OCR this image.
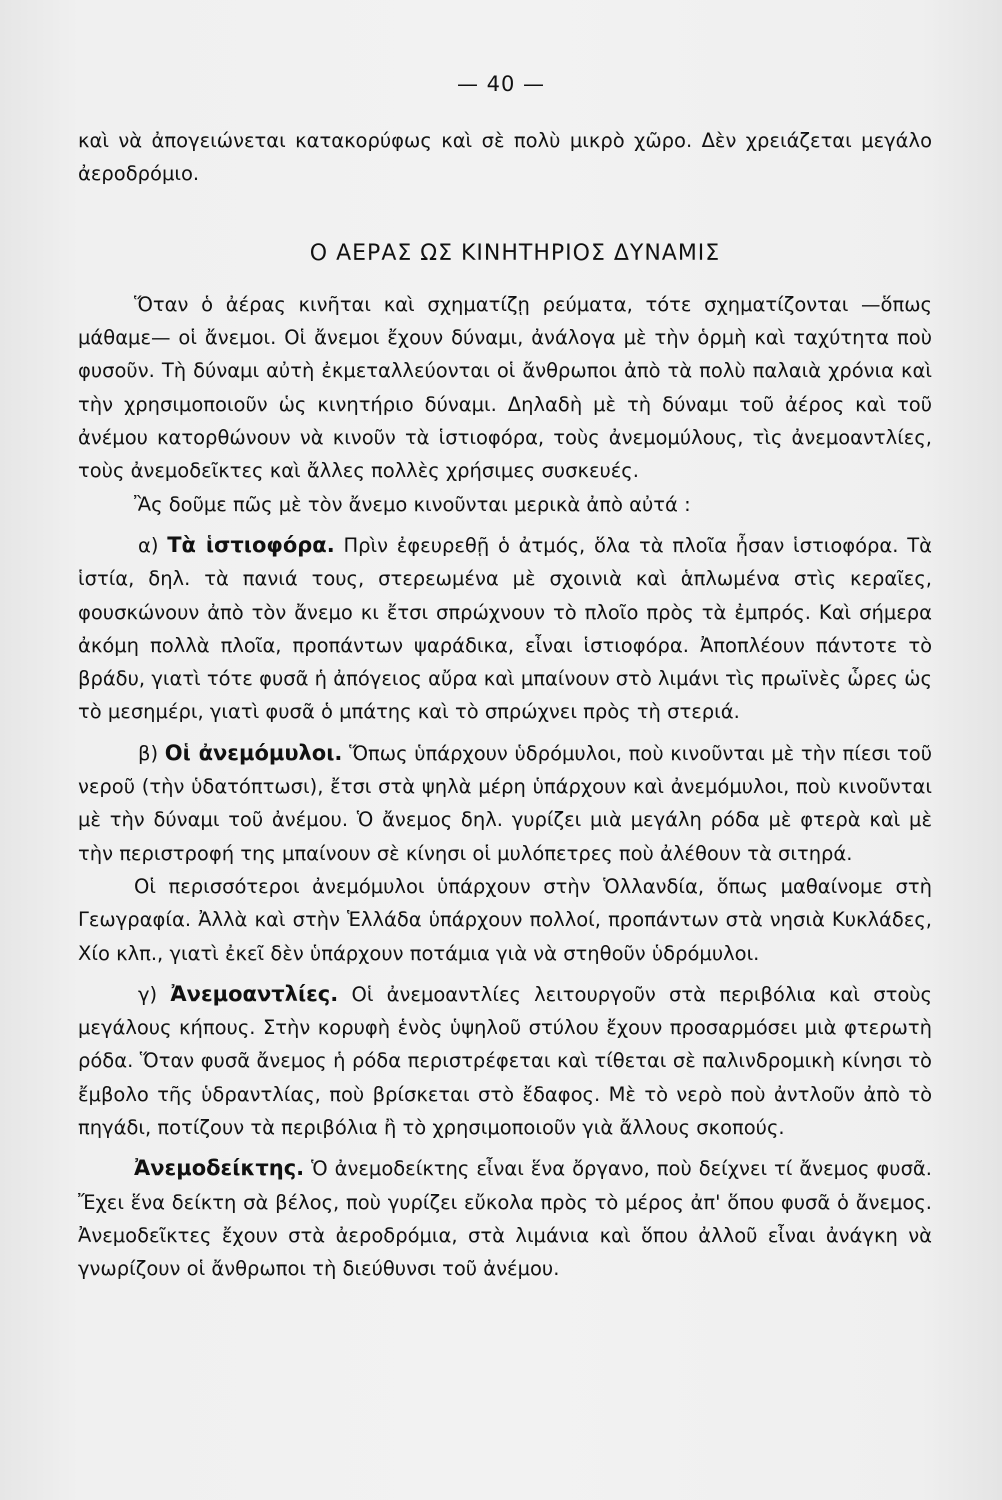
— 40 —

καὶ νὰ ἀπογειώνεται κατακορύφως καὶ σὲ πολὺ μικρὸ χῶρο. Δὲν χρειάζεται μεγάλο ἀεροδρόμιο.

Ο ΑΕΡΑΣ ΩΣ ΚΙΝΗΤΗΡΙΟΣ ΔΥΝΑΜΙΣ

Ὅταν ὁ ἀέρας κινῆται καὶ σχηματίζῃ ρεύματα, τότε σχηματίζονται —ὅπως μάθαμε— οἱ ἄνεμοι. Οἱ ἄνεμοι ἔχουν δύναμι, ἀνάλογα μὲ τὴν ὁρμὴ καὶ ταχύτητα ποὺ φυσοῦν. Τὴ δύναμι αὐτὴ ἐκμεταλλεύονται οἱ ἄνθρωποι ἀπὸ τὰ πολὺ παλαιὰ χρόνια καὶ τὴν χρησιμοποιοῦν ὡς κινητήριο δύναμι. Δηλαδὴ μὲ τὴ δύναμι τοῦ ἀέρος καὶ τοῦ ἀνέμου κατορθώνουν νὰ κινοῦν τὰ ἱστιοφόρα, τοὺς ἀνεμομύλους, τὶς ἀνεμοαντλίες, τοὺς ἀνεμοδεῖκτες καὶ ἄλλες πολλὲς χρήσιμες συσκευές.

Ἂς δοῦμε πῶς μὲ τὸν ἄνεμο κινοῦνται μερικὰ ἀπὸ αὐτά :

α) Τὰ ἱστιοφόρα. Πρὶν ἐφευρεθῇ ὁ ἀτμός, ὅλα τὰ πλοῖα ἦσαν ἱστιοφόρα. Τὰ ἱστία, δηλ. τὰ πανιά τους, στερεωμένα μὲ σχοινιὰ καὶ ἁπλωμένα στὶς κεραῖες, φουσκώνουν ἀπὸ τὸν ἄνεμο κι ἔτσι σπρώχνουν τὸ πλοῖο πρὸς τὰ ἐμπρός. Καὶ σήμερα ἀκόμη πολλὰ πλοῖα, προπάντων ψαράδικα, εἶναι ἱστιοφόρα. Ἀποπλέουν πάντοτε τὸ βράδυ, γιατὶ τότε φυσᾶ ἡ ἀπόγειος αὔρα καὶ μπαίνουν στὸ λιμάνι τὶς πρωϊνὲς ὧρες ὡς τὸ μεσημέρι, γιατὶ φυσᾶ ὁ μπάτης καὶ τὸ σπρώχνει πρὸς τὴ στεριά.

β) Οἱ ἀνεμόμυλοι. Ὅπως ὑπάρχουν ὑδρόμυλοι, ποὺ κινοῦνται μὲ τὴν πίεσι τοῦ νεροῦ (τὴν ὑδατόπτωσι), ἔτσι στὰ ψηλὰ μέρη ὑπάρχουν καὶ ἀνεμόμυλοι, ποὺ κινοῦνται μὲ τὴν δύναμι τοῦ ἀνέμου. Ὁ ἄνεμος δηλ. γυρίζει μιὰ μεγάλη ρόδα μὲ φτερὰ καὶ μὲ τὴν περιστροφή της μπαίνουν σὲ κίνησι οἱ μυλόπετρες ποὺ ἀλέθουν τὰ σιτηρά.

Οἱ περισσότεροι ἀνεμόμυλοι ὑπάρχουν στὴν Ὁλλανδία, ὅπως μαθαίνομε στὴ Γεωγραφία. Ἀλλὰ καὶ στὴν Ἑλλάδα ὑπάρχουν πολλοί, προπάντων στὰ νησιὰ Κυκλάδες, Χίο κλπ., γιατὶ ἐκεῖ δὲν ὑπάρχουν ποτάμια γιὰ νὰ στηθοῦν ὑδρόμυλοι.

γ) Ἀνεμοαντλίες. Οἱ ἀνεμοαντλίες λειτουργοῦν στὰ περιβόλια καὶ στοὺς μεγάλους κήπους. Στὴν κορυφὴ ἑνὸς ὑψηλοῦ στύλου ἔχουν προσαρμόσει μιὰ φτερωτὴ ρόδα. Ὅταν φυσᾶ ἄνεμος ἡ ρόδα περιστρέφεται καὶ τίθεται σὲ παλινδρομικὴ κίνησι τὸ ἔμβολο τῆς ὑδραντλίας, ποὺ βρίσκεται στὸ ἔδαφος. Μὲ τὸ νερὸ ποὺ ἀντλοῦν ἀπὸ τὸ πηγάδι, ποτίζουν τὰ περιβόλια ἢ τὸ χρησιμοποιοῦν γιὰ ἄλλους σκοπούς.

Ἀνεμοδείκτης. Ὁ ἀνεμοδείκτης εἶναι ἕνα ὄργανο, ποὺ δείχνει τί ἄνεμος φυσᾶ. Ἔχει ἕνα δείκτη σὰ βέλος, ποὺ γυρίζει εὔκολα πρὸς τὸ μέρος ἀπ' ὅπου φυσᾶ ὁ ἄνεμος. Ἀνεμοδεῖκτες ἔχουν στὰ ἀεροδρόμια, στὰ λιμάνια καὶ ὅπου ἀλλοῦ εἶναι ἀνάγκη νὰ γνωρίζουν οἱ ἄνθρωποι τὴ διεύθυνσι τοῦ ἀνέμου.
